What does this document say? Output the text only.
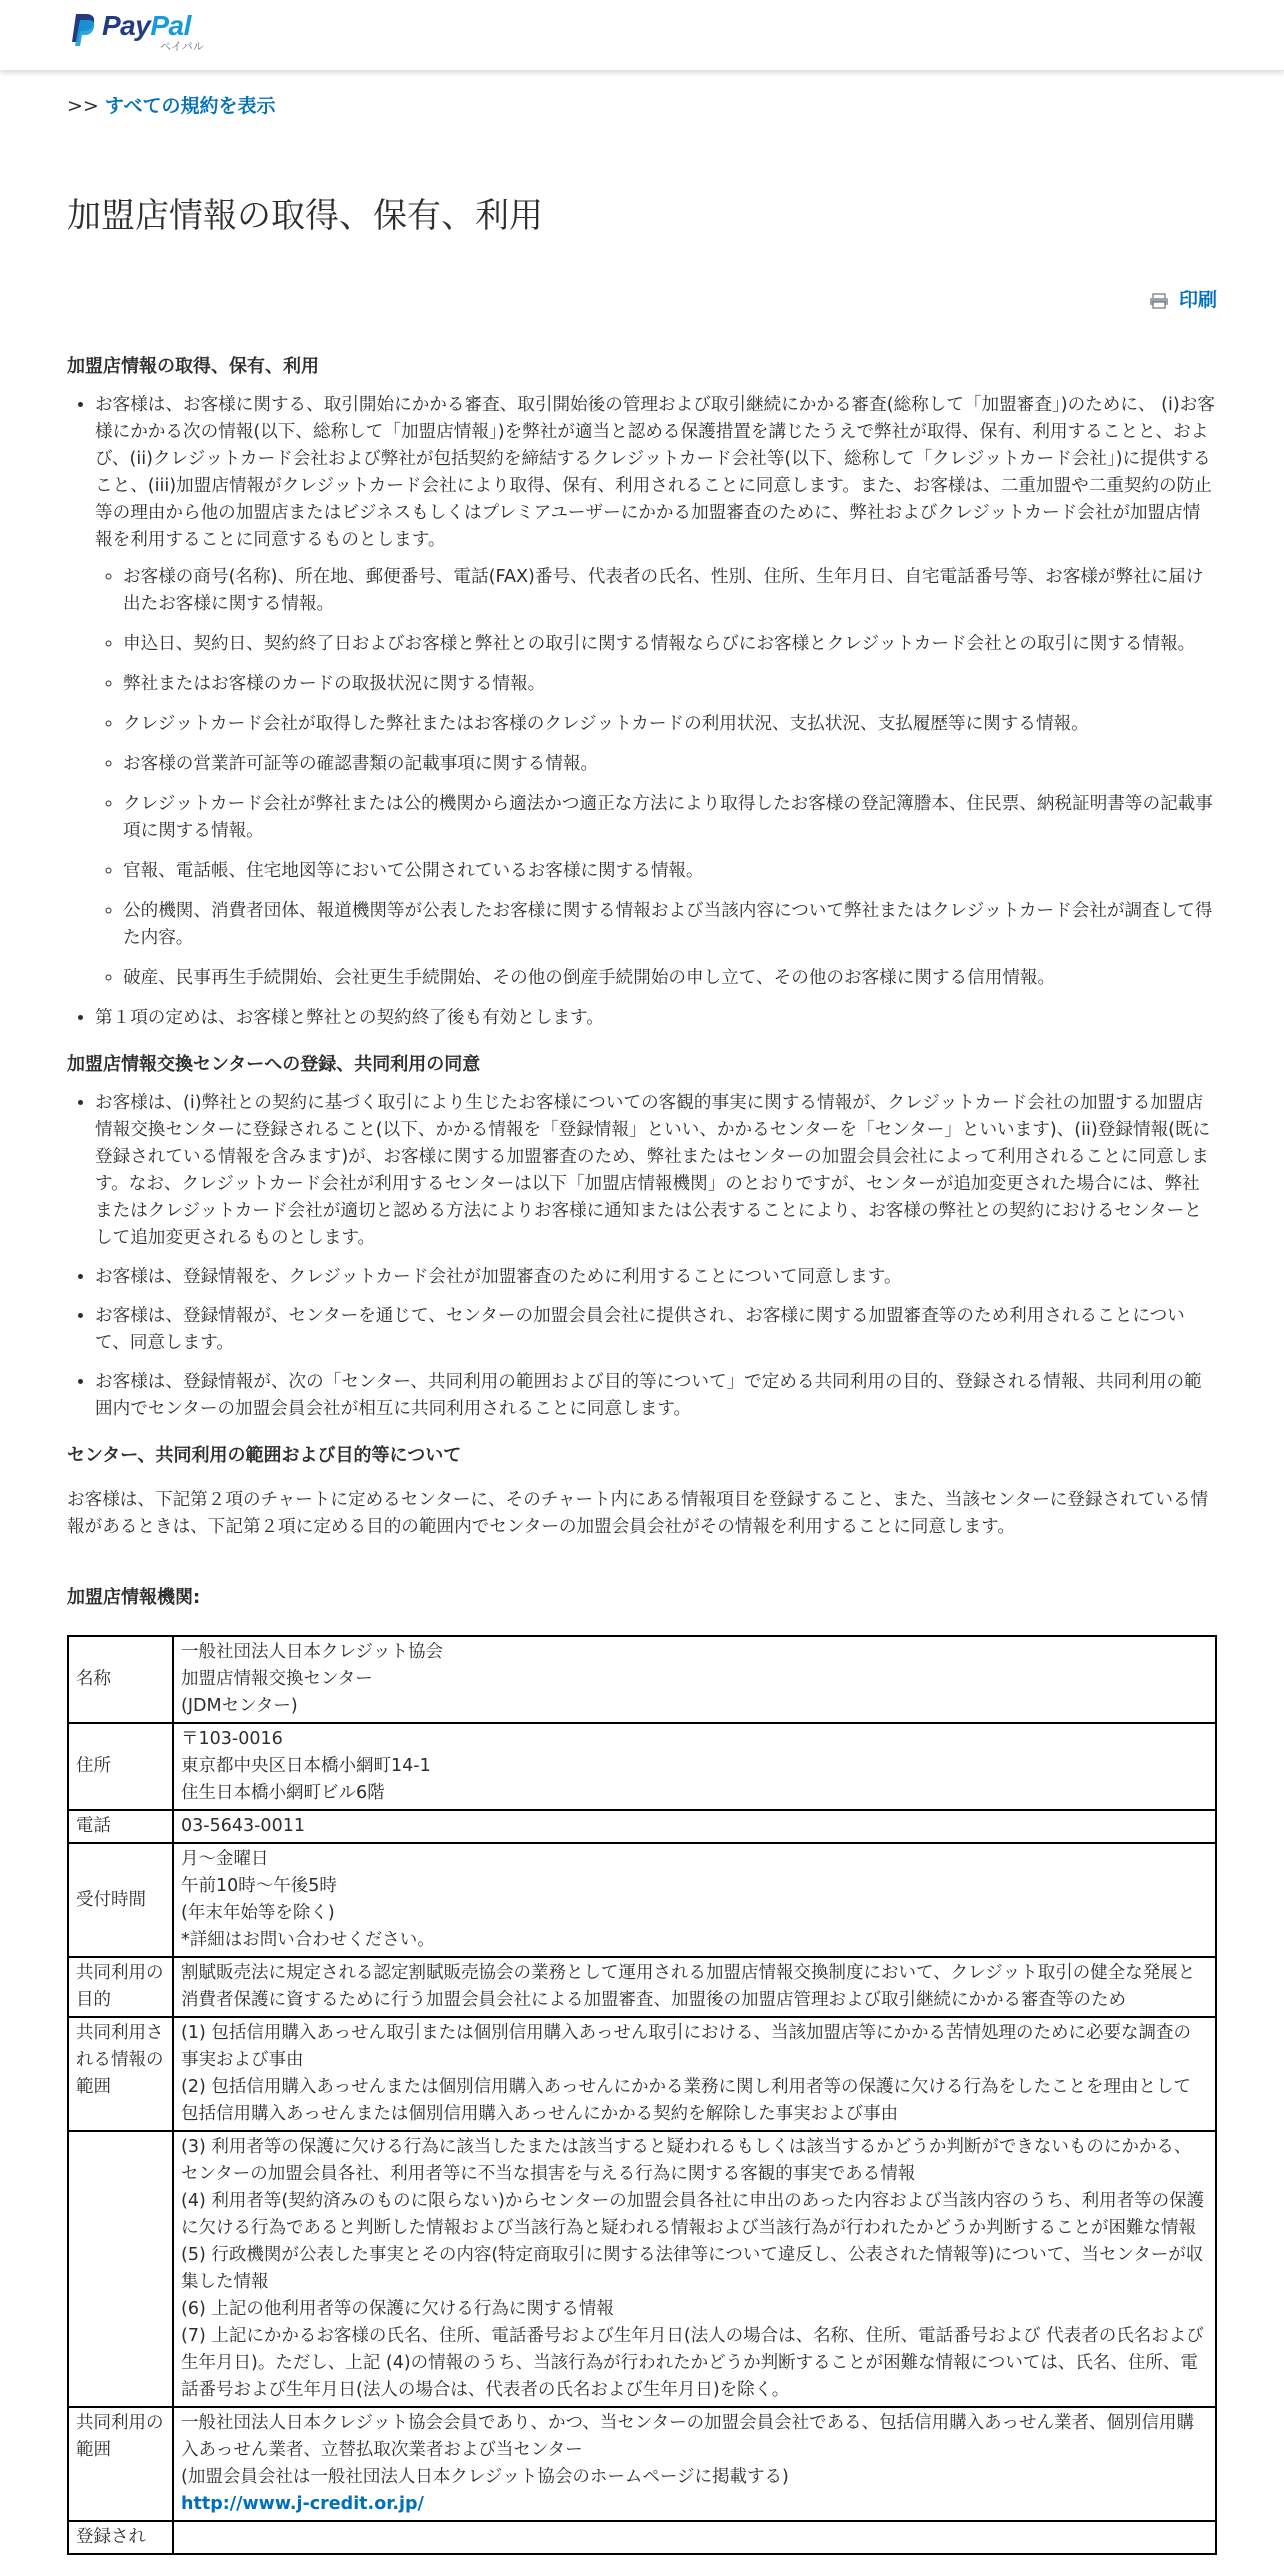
PayPal
ペイパル
>> すべての規約を表示
加盟店情報の取得、保有、利用
印刷
加盟店情報の取得、保有、利用
• お客様は、お客様に関する、取引開始にかかる審査、取引開始後の管理および取引継続にかかる審査(総称して「加盟審査」)のために、 (i)お客様にかかる次の情報(以下、総称して「加盟店情報」)を弊社が適当と認める保護措置を講じたうえで弊社が取得、保有、利用することと、および、(ii)クレジットカード会社および弊社が包括契約を締結するクレジットカード会社等(以下、総称して「クレジットカード会社」)に提供すること、(iii)加盟店情報がクレジットカード会社により取得、保有、利用されることに同意します。また、お客様は、二重加盟や二重契約の防止等の理由から他の加盟店またはビジネスもしくはプレミアユーザーにかかる加盟審査のために、弊社およびクレジットカード会社が加盟店情報を利用することに同意するものとします。
◦ お客様の商号(名称)、所在地、郵便番号、電話(FAX)番号、代表者の氏名、性別、住所、生年月日、自宅電話番号等、お客様が弊社に届け出たお客様に関する情報。
◦ 申込日、契約日、契約終了日およびお客様と弊社との取引に関する情報ならびにお客様とクレジットカード会社との取引に関する情報。
◦ 弊社またはお客様のカードの取扱状況に関する情報。
◦ クレジットカード会社が取得した弊社またはお客様のクレジットカードの利用状況、支払状況、支払履歴等に関する情報。
◦ お客様の営業許可証等の確認書類の記載事項に関する情報。
◦ クレジットカード会社が弊社または公的機関から適法かつ適正な方法により取得したお客様の登記簿謄本、住民票、納税証明書等の記載事項に関する情報。
◦ 官報、電話帳、住宅地図等において公開されているお客様に関する情報。
◦ 公的機関、消費者団体、報道機関等が公表したお客様に関する情報および当該内容について弊社またはクレジットカード会社が調査して得た内容。
◦ 破産、民事再生手続開始、会社更生手続開始、その他の倒産手続開始の申し立て、その他のお客様に関する信用情報。
• 第１項の定めは、お客様と弊社との契約終了後も有効とします。
加盟店情報交換センターへの登録、共同利用の同意
• お客様は、(i)弊社との契約に基づく取引により生じたお客様についての客観的事実に関する情報が、クレジットカード会社の加盟する加盟店情報交換センターに登録されること(以下、かかる情報を「登録情報」といい、かかるセンターを「センター」といいます)、(ii)登録情報(既に登録されている情報を含みます)が、お客様に関する加盟審査のため、弊社またはセンターの加盟会員会社によって利用されることに同意します。なお、クレジットカード会社が利用するセンターは以下「加盟店情報機関」のとおりですが、センターが追加変更された場合には、弊社またはクレジットカード会社が適切と認める方法によりお客様に通知または公表することにより、お客様の弊社との契約におけるセンターとして追加変更されるものとします。
• お客様は、登録情報を、クレジットカード会社が加盟審査のために利用することについて同意します。
• お客様は、登録情報が、センターを通じて、センターの加盟会員会社に提供され、お客様に関する加盟審査等のため利用されることについて、同意します。
• お客様は、登録情報が、次の「センター、共同利用の範囲および目的等について」で定める共同利用の目的、登録される情報、共同利用の範囲内でセンターの加盟会員会社が相互に共同利用されることに同意します。
センター、共同利用の範囲および目的等について

お客様は、下記第２項のチャートに定めるセンターに、そのチャート内にある情報項目を登録すること、また、当該センターに登録されている情報があるときは、下記第２項に定める目的の範囲内でセンターの加盟会員会社がその情報を利用することに同意します。

加盟店情報機関:
名称	一般社団法人日本クレジット協会
加盟店情報交換センター
(JDMセンター)

住所	〒103-0016
東京都中央区日本橋小網町14-1
住生日本橋小網町ビル6階

電話	03-5643-0011
受付時間	月～金曜日
午前10時～午後5時
(年末年始等を除く)
*詳細はお問い合わせください。

共同利用の目的	割賦販売法に規定される認定割賦販売協会の業務として運用される加盟店情報交換制度において、クレジット取引の健全な発展と消費者保護に資するために行う加盟会員会社による加盟審査、加盟後の加盟店管理および取引継続にかかる審査等のため
共同利用される情報の範囲	(1) 包括信用購入あっせん取引または個別信用購入あっせん取引における、当該加盟店等にかかる苦情処理のために必要な調査の事実および事由
(2) 包括信用購入あっせんまたは個別信用購入あっせんにかかる業務に関し利用者等の保護に欠ける行為をしたことを理由として包括信用購入あっせんまたは個別信用購入あっせんにかかる契約を解除した事実および事由

	(3) 利用者等の保護に欠ける行為に該当したまたは該当すると疑われるもしくは該当するかどうか判断ができないものにかかる、センターの加盟会員各社、利用者等に不当な損害を与える行為に関する客観的事実である情報
(4) 利用者等(契約済みのものに限らない)からセンターの加盟会員各社に申出のあった内容および当該内容のうち、利用者等の保護に欠ける行為であると判断した情報および当該行為と疑われる情報および当該行為が行われたかどうか判断することが困難な情報
(5) 行政機関が公表した事実とその内容(特定商取引に関する法律等について違反し、公表された情報等)について、当センターが収集した情報
(6) 上記の他利用者等の保護に欠ける行為に関する情報
(7) 上記にかかるお客様の氏名、住所、電話番号および生年月日(法人の場合は、名称、住所、電話番号および 代表者の氏名および生年月日)。ただし、上記 (4)の情報のうち、当該行為が行われたかどうか判断することが困難な情報については、氏名、住所、電話番号および生年月日(法人の場合は、代表者の氏名および生年月日)を除く。

共同利用の範囲	一般社団法人日本クレジット協会会員であり、かつ、当センターの加盟会員会社である、包括信用購入あっせん業者、個別信用購入あっせん業者、立替払取次業者および当センター
(加盟会員会社は一般社団法人日本クレジット協会のホームページに掲載する)
http://www.j-credit.or.jp/

登録され	
